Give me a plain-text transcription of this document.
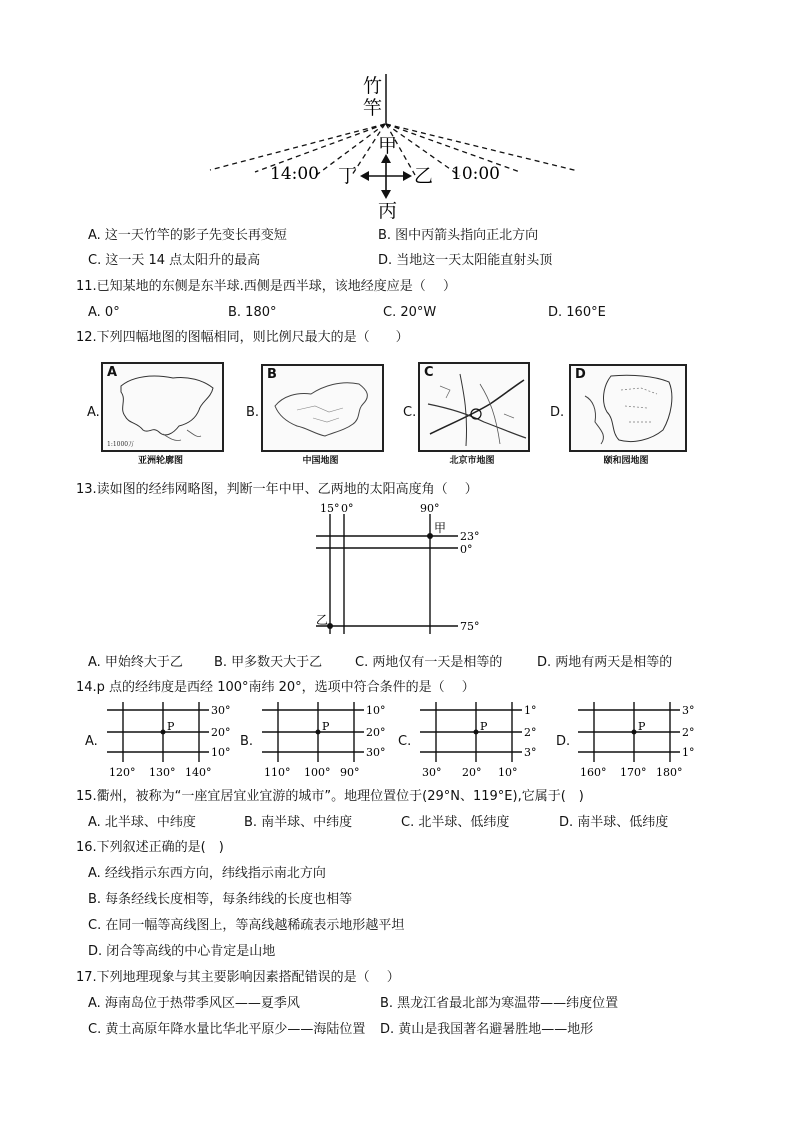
竹
竿
甲
丙
丁	乙
14:00	10:00
A. 这一天竹竿的影子先变长再变短	B. 图中丙箭头指向正北方向
C. 这一天 14 点太阳升的最高	D. 当地这一天太阳能直射头顶
11.已知某地的东侧是东半球.西侧是西半球，该地经度应是（　 ）
A. 0°	B. 180°	C. 20°W	D. 160°E
12.下列四幅地图的图幅相同，则比例尺最大的是（　　）
A.
A
1:1000万
亚洲轮廓图
B.
B
中国地图
C.
C
北京市地图
D.
D
颐和园地图
13.读如图的经纬网略图，判断一年中甲、乙两地的太阳高度角（　 ）
15° 0°	90°
23°
0°
75°
甲
乙
A. 甲始终大于乙 B. 甲多数天大于乙	C. 两地仅有一天是相等的	D. 两地有两天是相等的
14.p 点的经纬度是西经 100°南纬 20°，选项中符合条件的是（　 ）
A.
P
30°
20°
10°
120° 130° 140°
B.
P
10°
20°
30°
110° 100° 90°
C.
P
1°
2°
3°
30° 20° 10°
D.
P
3°
2°
1°
160° 170° 180°
15.衢州，被称为“一座宜居宜业宜游的城市”。地理位置位于(29°N、119°E),它属于(　)
A. 北半球、中纬度	B. 南半球、中纬度	C. 北半球、低纬度	D. 南半球、低纬度
16.下列叙述正确的是(　)
A. 经线指示东西方向，纬线指示南北方向
B. 每条经线长度相等，每条纬线的长度也相等
C. 在同一幅等高线图上，等高线越稀疏表示地形越平坦
D. 闭合等高线的中心肯定是山地
17.下列地理现象与其主要影响因素搭配错误的是（　 ）
A. 海南岛位于热带季风区——夏季风	B. 黑龙江省最北部为寒温带——纬度位置
C. 黄土高原年降水量比华北平原少——海陆位置 D. 黄山是我国著名避暑胜地——地形
